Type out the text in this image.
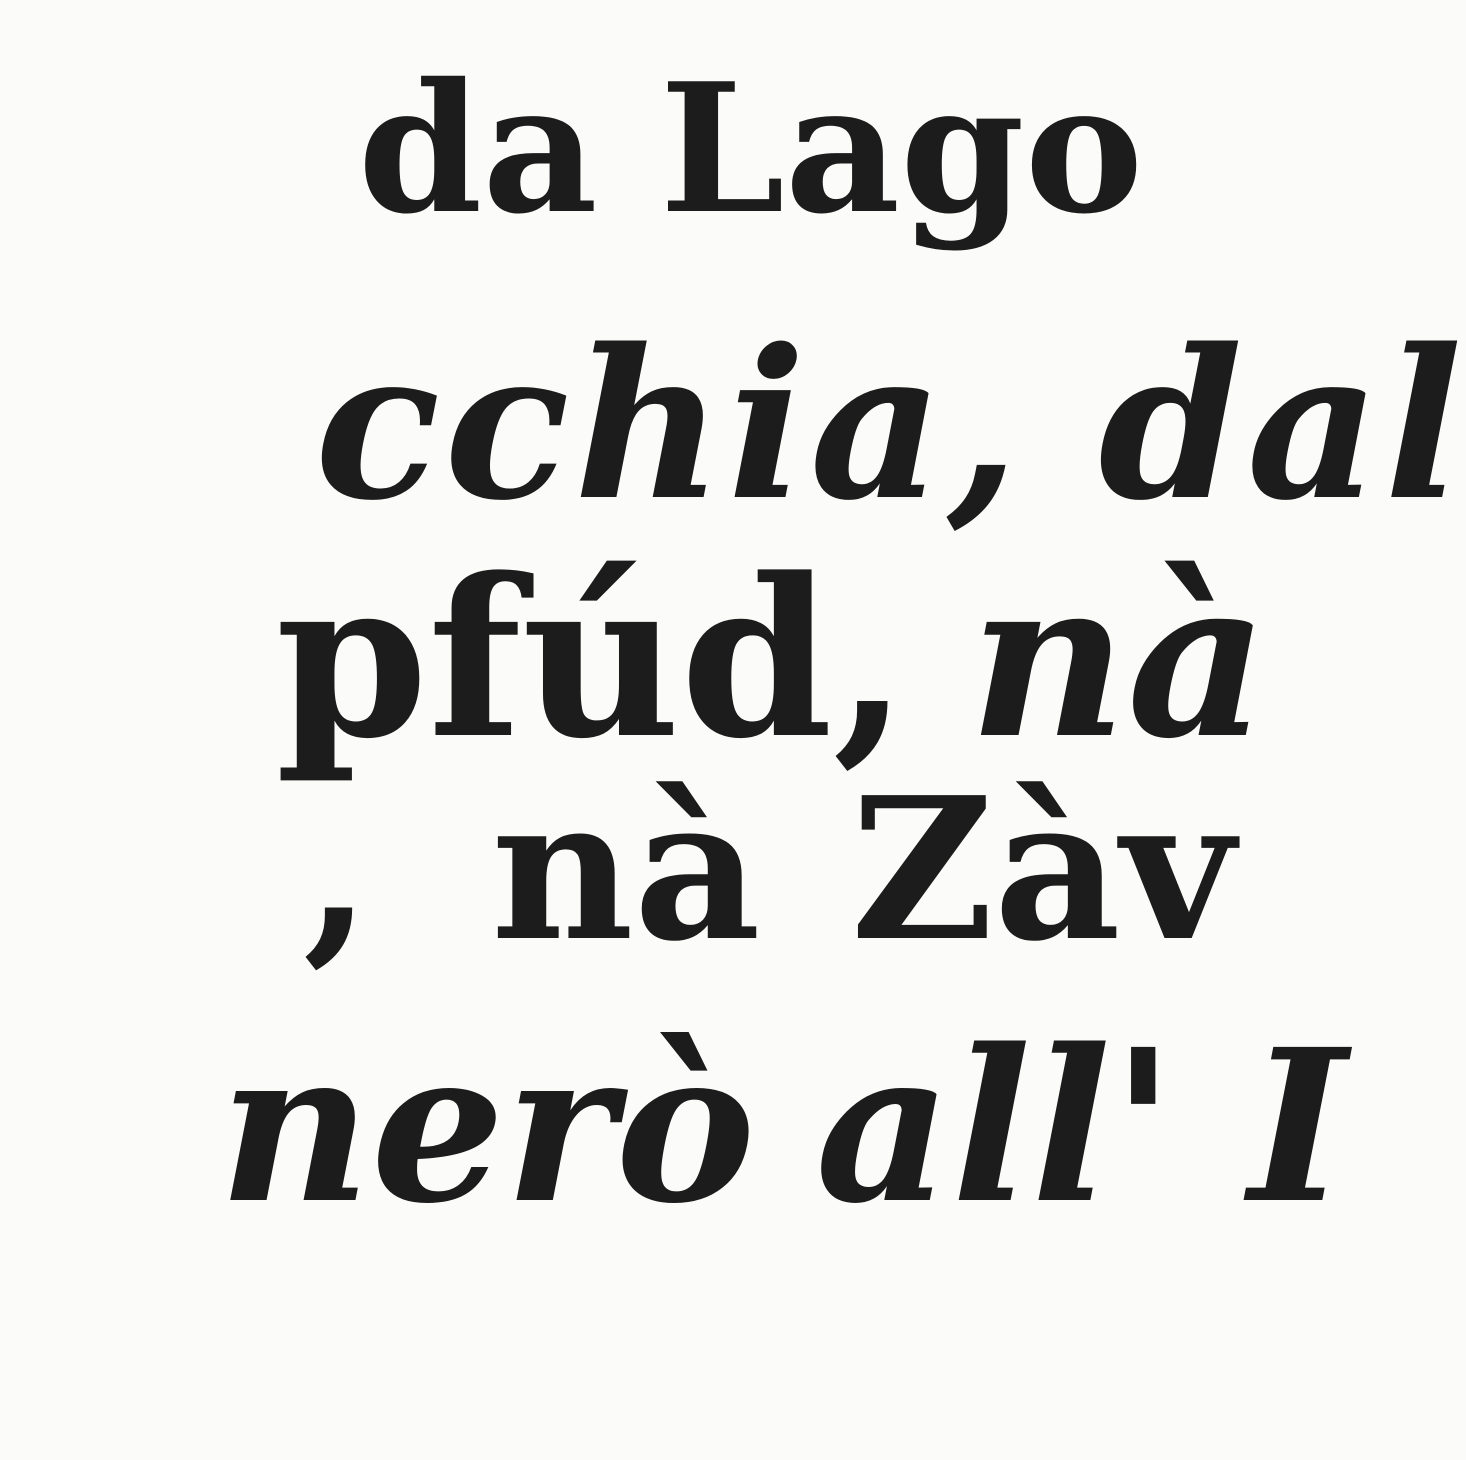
da Lago

cchia, dal

pfúd, nà

, nà Zàv

nerò all' I
